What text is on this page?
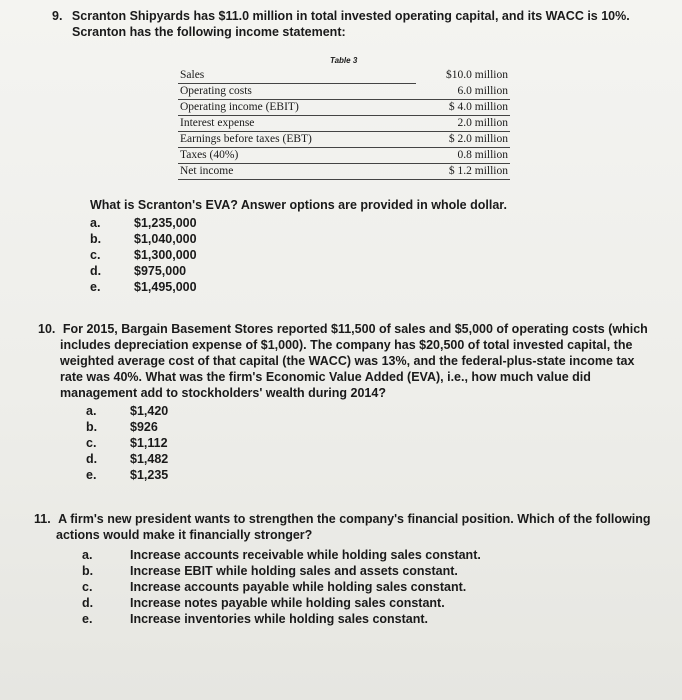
9. Scranton Shipyards has $11.0 million in total invested operating capital, and its WACC is 10%.

Scranton has the following income statement:

Table 3
Sales	$10.0 million
Operating costs	6.0 million
Operating income (EBIT)	$ 4.0 million
Interest expense	2.0 million
Earnings before taxes (EBT)	$ 2.0 million
Taxes (40%)	0.8 million
Net income	$ 1.2 million

What is Scranton's EVA? Answer options are provided in whole dollar.

a.	$1,235,000
b.	$1,040,000
c.	$1,300,000
d.	$975,000
e.	$1,495,000

10. For 2015, Bargain Basement Stores reported $11,500 of sales and $5,000 of operating costs (which

includes depreciation expense of $1,000). The company has $20,500 of total invested capital, the

weighted average cost of that capital (the WACC) was 13%, and the federal-plus-state income tax

rate was 40%. What was the firm's Economic Value Added (EVA), i.e., how much value did

management add to stockholders' wealth during 2014?

a.	$1,420
b.	$926
c.	$1,112
d.	$1,482
e.	$1,235

11. A firm's new president wants to strengthen the company's financial position. Which of the following

actions would make it financially stronger?

a.	Increase accounts receivable while holding sales constant.
b.	Increase EBIT while holding sales and assets constant.
c.	Increase accounts payable while holding sales constant.
d.	Increase notes payable while holding sales constant.
e.	Increase inventories while holding sales constant.
